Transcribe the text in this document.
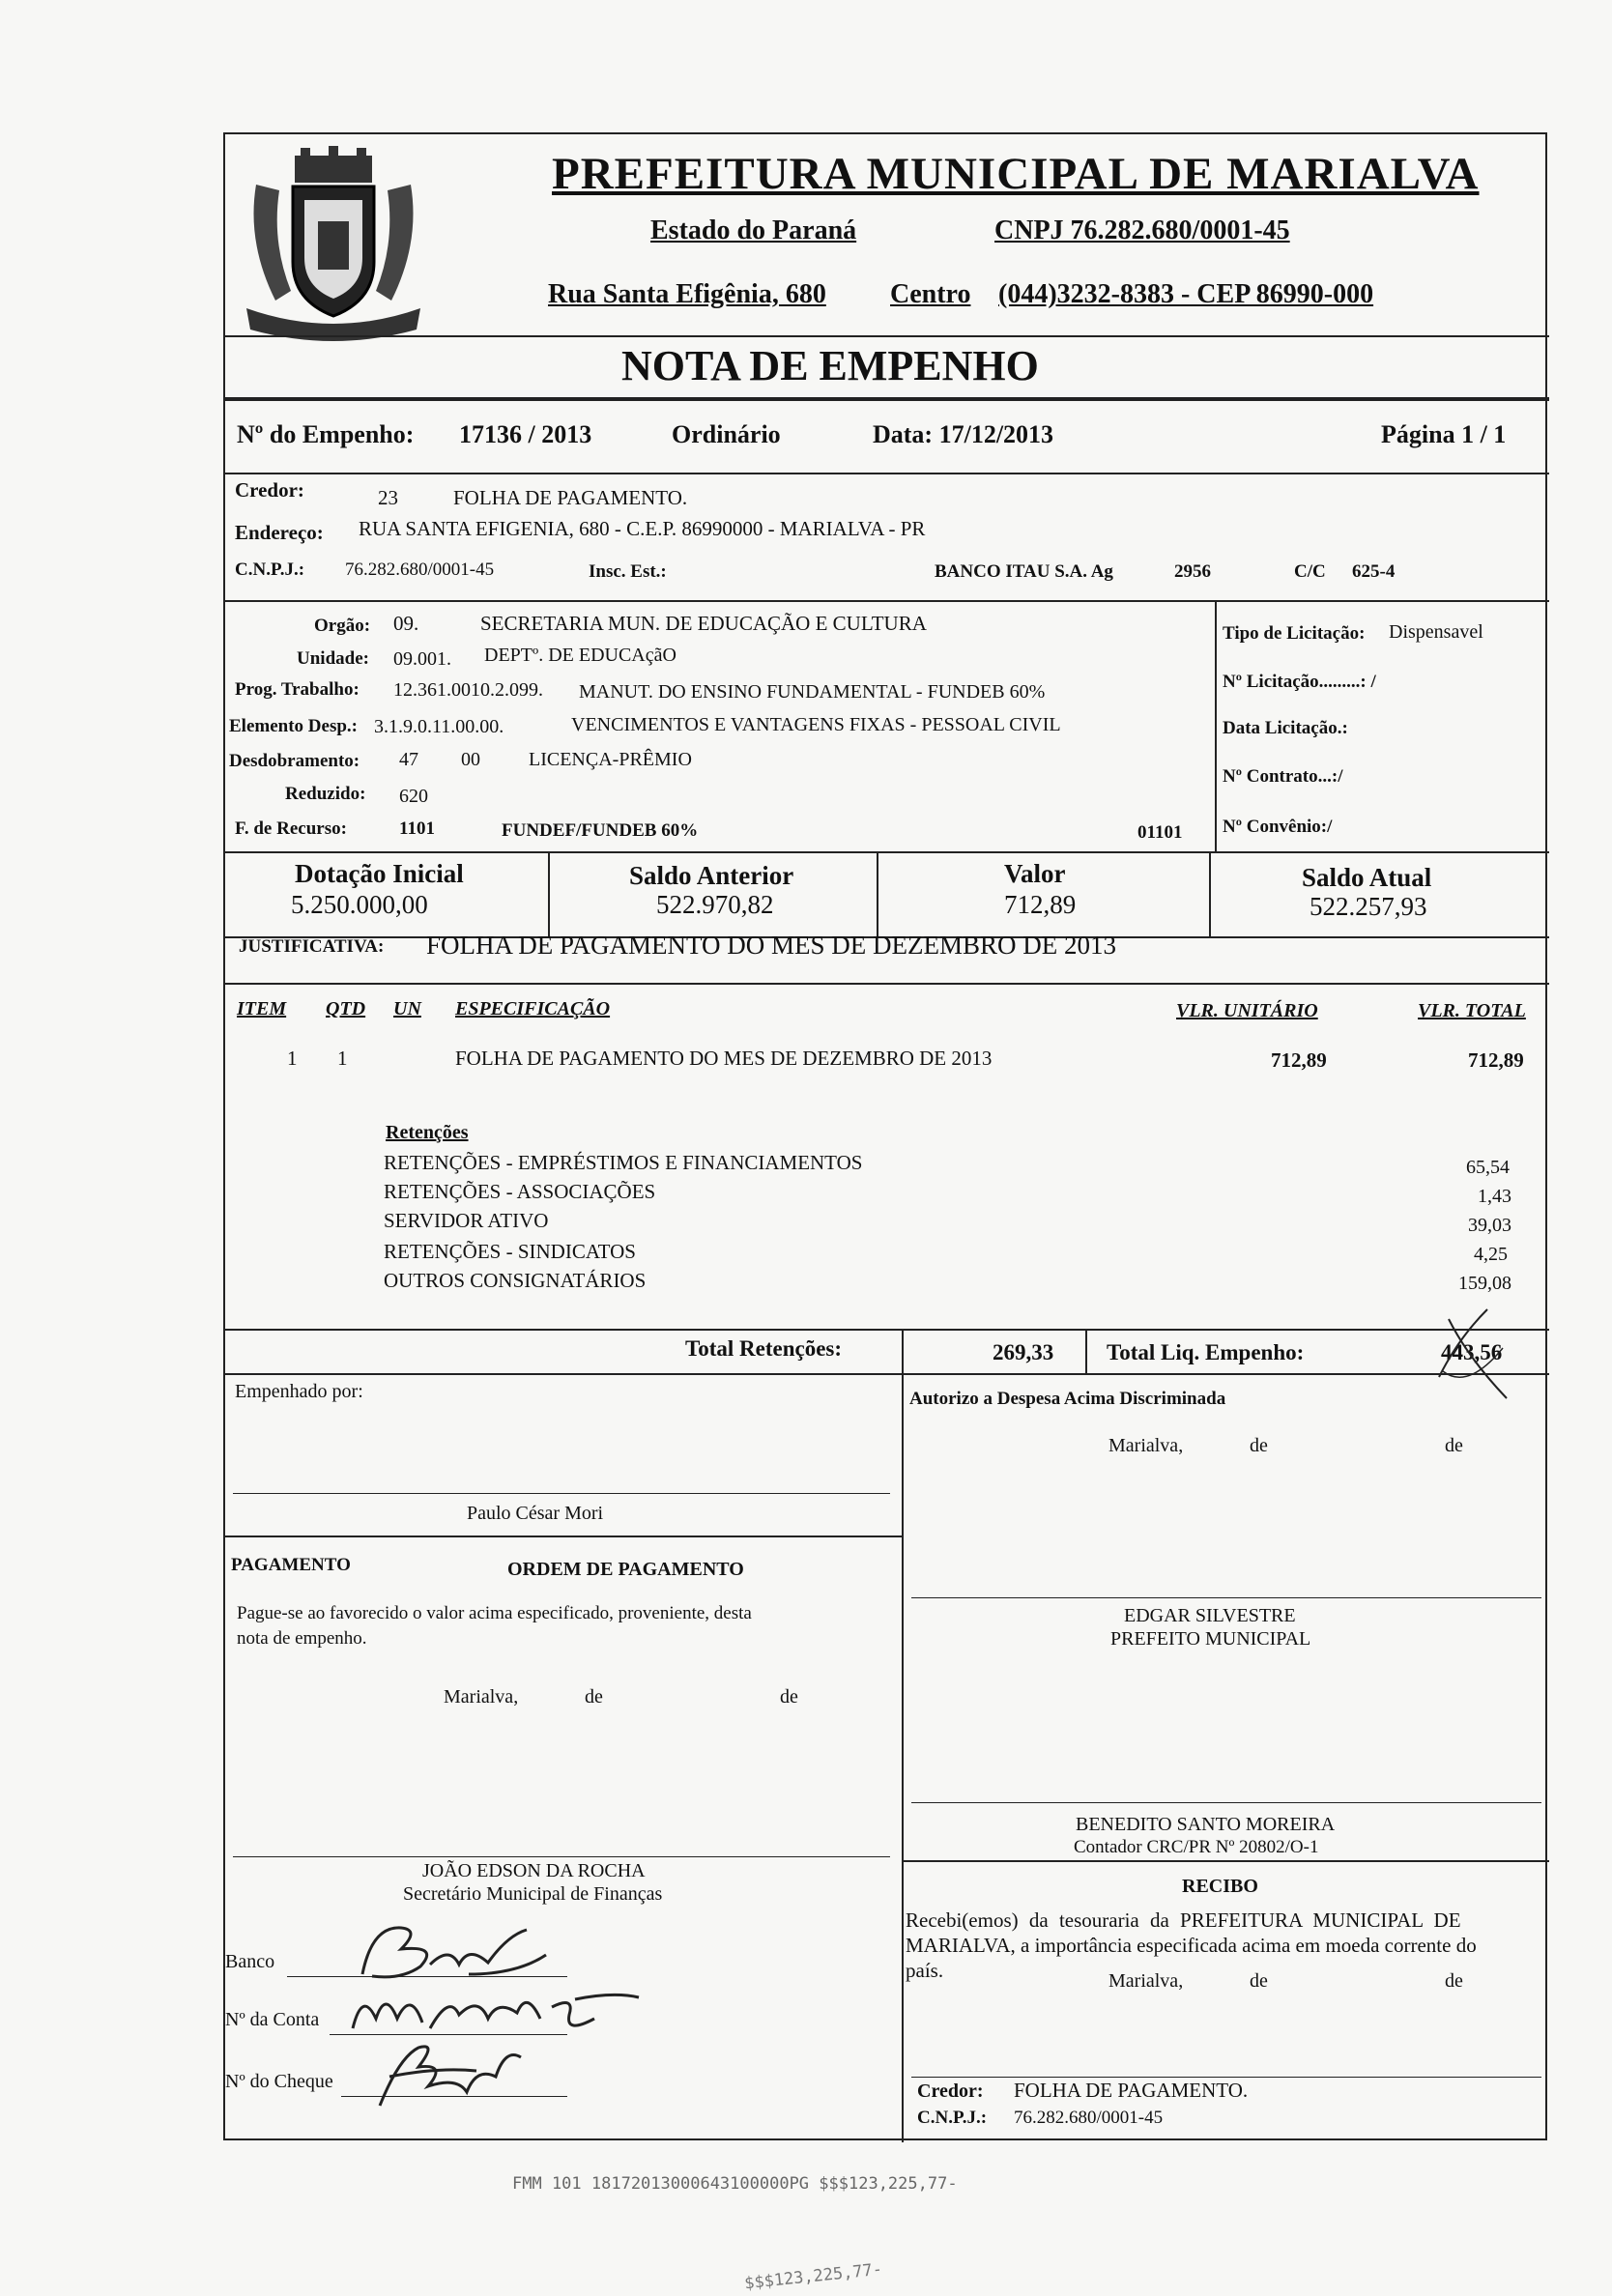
PREFEITURA MUNICIPAL DE MARIALVA
Estado do Paraná	CNPJ 76.282.680/0001-45
Rua Santa Efigênia, 680 Centro (044)3232-8383 - CEP 86990-000
NOTA DE EMPENHO
Nº do Empenho: 17136 / 2013	Ordinário	Data: 17/12/2013	Página 1 / 1
Credor:	23	FOLHA DE PAGAMENTO.
Endereço: RUA SANTA EFIGENIA, 680 - C.E.P. 86990000 - MARIALVA - PR
C.N.P.J.: 76.282.680/0001-45	Insc. Est.:	BANCO ITAU S.A. Ag	2956	C/C 625-4
Orgão: 09.	SECRETARIA MUN. DE EDUCAÇÃO E CULTURA
Unidade: 09.001. DEPTº. DE EDUCAçãO
Prog. Trabalho: 12.361.0010.2.099. MANUT. DO ENSINO FUNDAMENTAL - FUNDEB 60%
Elemento Desp.: 3.1.9.0.11.00.00.	VENCIMENTOS E VANTAGENS FIXAS - PESSOAL CIVIL
Desdobramento: 47 00	LICENÇA-PRÊMIO
Reduzido: 620
F. de Recurso:	1101	FUNDEF/FUNDEB 60%	01101
Tipo de Licitação: Dispensavel
Nº Licitação.........: /
Data Licitação.:
Nº Contrato...:/
Nº Convênio:/
Dotação Inicial
5.250.000,00
Saldo Anterior
522.970,82
Valor
712,89
Saldo Atual
522.257,93
JUSTIFICATIVA: FOLHA DE PAGAMENTO DO MES DE DEZEMBRO DE 2013
ITEM QTD UN ESPECIFICAÇÃO	VLR. UNITÁRIO	VLR. TOTAL
1 1	FOLHA DE PAGAMENTO DO MES DE DEZEMBRO DE 2013	712,89	712,89
Retenções
RETENÇÕES - EMPRÉSTIMOS E FINANCIAMENTOS	65,54
RETENÇÕES - ASSOCIAÇÕES	1,43
SERVIDOR ATIVO	39,03
RETENÇÕES - SINDICATOS	4,25
OUTROS CONSIGNATÁRIOS	159,08
Total Retenções:	269,33 Total Liq. Empenho:	443,56
Empenhado por:
Paulo César Mori
Autorizo a Despesa Acima Discriminada
Marialva,	de	de
PAGAMENTO	ORDEM DE PAGAMENTO
Pague-se ao favorecido o valor acima especificado, proveniente, desta
nota de empenho.
Marialva,	de	de
JOÃO EDSON DA ROCHA
Secretário Municipal de Finanças
EDGAR SILVESTRE
PREFEITO MUNICIPAL
BENEDITO SANTO MOREIRA
Contador CRC/PR Nº 20802/O-1
RECIBO
Recebi(emos) da tesouraria da PREFEITURA MUNICIPAL DE
MARIALVA, a importância especificada acima em moeda corrente do
país.	Marialva,	de	de
Credor: FOLHA DE PAGAMENTO.
C.N.P.J.: 76.282.680/0001-45
Banco
Nº da Conta
Nº do Cheque
FMM 101 18172013000643100000PG $$$123,225,77-
$$$123,225,77-
